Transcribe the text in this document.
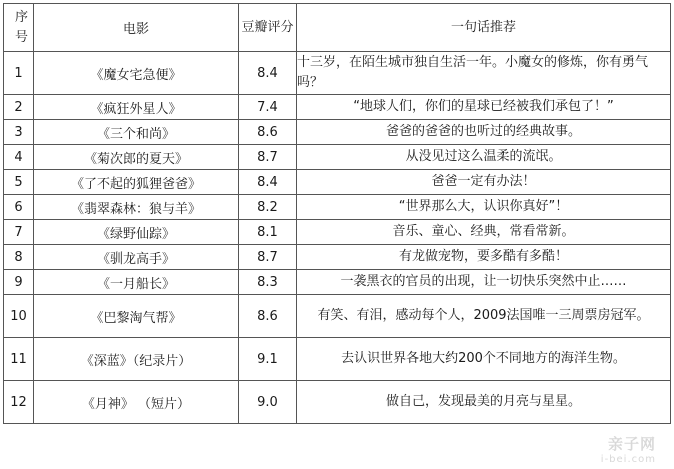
序号	电影	豆瓣评分	一句话推荐
1	《魔女宅急便》	8.4	十三岁，在陌生城市独自生活一年。小魔女的修炼，你有勇气吗？
2	《疯狂外星人》	7.4	“地球人们，你们的星球已经被我们承包了！”
3	《三个和尚》	8.6	爸爸的爸爸的也听过的经典故事。
4	《菊次郎的夏天》	8.7	从没见过这么温柔的流氓。
5	《了不起的狐狸爸爸》	8.4	爸爸一定有办法！
6	《翡翠森林：狼与羊》	8.2	“世界那么大，认识你真好”！
7	《绿野仙踪》	8.1	音乐、童心、经典，常看常新。
8	《驯龙高手》	8.7	有龙做宠物，要多酷有多酷！
9	《一月船长》	8.3	一袭黑衣的官员的出现，让一切快乐突然中止……
10	《巴黎淘气帮》	8.6	有笑、有泪，感动每个人，2009法国唯一三周票房冠军。
11	《深蓝》（纪录片）	9.1	去认识世界各地大约200个不同地方的海洋生物。
12	《月神》 （短片）	9.0	做自己，发现最美的月亮与星星。
亲子网
i-bei.com
